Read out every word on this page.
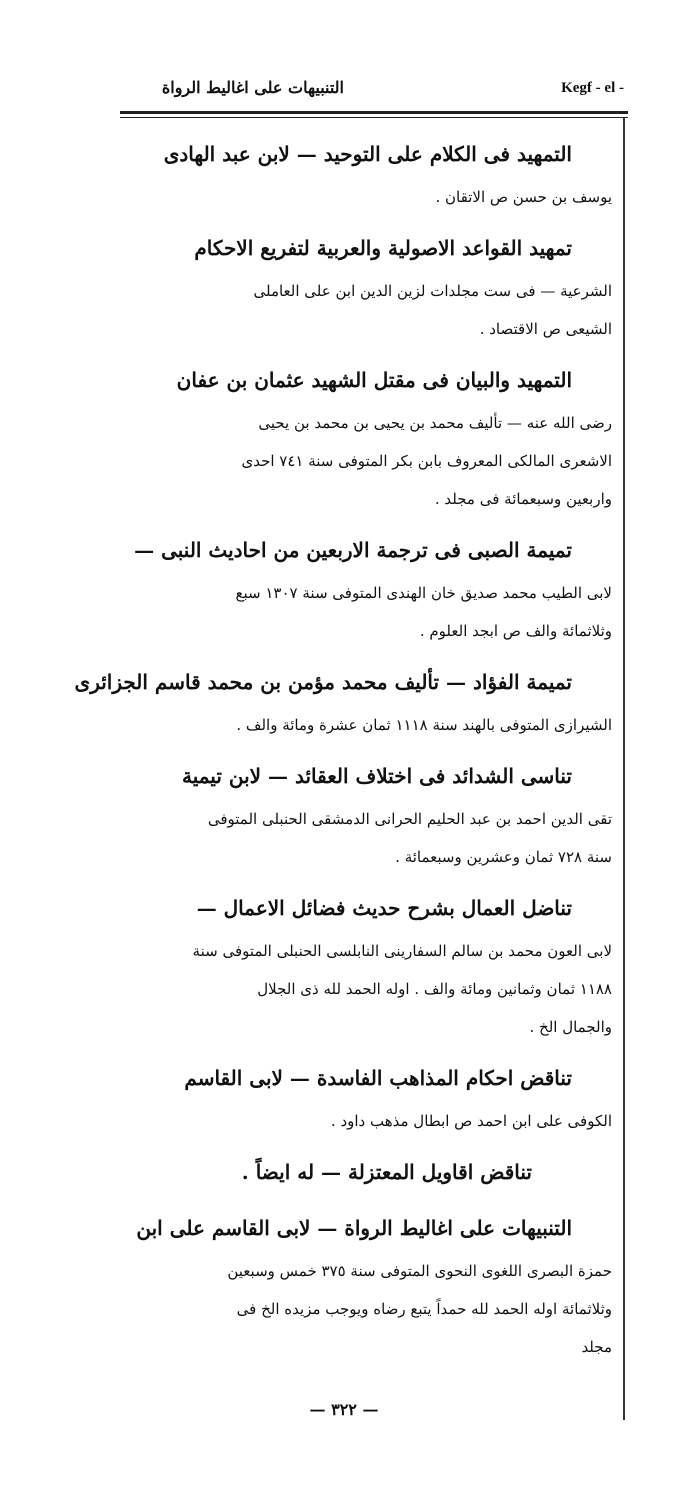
التنبيهات على اغاليط الرواة	Kegf - el -
التمهيد فى الكلام على التوحيد — لابن عبد الهادى
يوسف بن حسن ص الاتقان .
تمهيد القواعد الاصولية والعربية لتفريع الاحكام
الشرعية — فى ست مجلدات لزين الدين ابن على العاملى
الشيعى ص الاقتصاد .
التمهيد والبيان فى مقتل الشهيد عثمان بن عفان
رضى الله عنه — تأليف محمد بن يحيى بن محمد بن يحيى
الاشعرى المالكى المعروف بابن بكر المتوفى سنة ٧٤١ احدى
واربعين وسبعمائة فى مجلد .
تميمة الصبى فى ترجمة الاربعين من احاديث النبى —
لابى الطيب محمد صديق خان الهندى المتوفى سنة ١٣٠٧ سبع
وثلاثمائة والف ص ابجد العلوم .
تميمة الفؤاد — تأليف محمد مؤمن بن محمد قاسم الجزائرى
الشيرازى المتوفى بالهند سنة ١١١٨ ثمان عشرة ومائة والف .
تناسى الشدائد فى اختلاف العقائد — لابن تيمية
تقى الدين احمد بن عبد الحليم الحرانى الدمشقى الحنبلى المتوفى
سنة ٧٢٨ ثمان وعشرين وسبعمائة .
تناضل العمال بشرح حديث فضائل الاعمال —
لابى العون محمد بن سالم السفارينى النابلسى الحنبلى المتوفى سنة
١١٨٨ ثمان وثمانين ومائة والف . اوله الحمد لله ذى الجلال
والجمال الخ .
تناقض احكام المذاهب الفاسدة — لابى القاسم
الكوفى على ابن احمد ص ابطال مذهب داود .
تناقض اقاويل المعتزلة — له ايضاً .
التنبيهات على اغاليط الرواة — لابى القاسم على ابن
حمزة البصرى اللغوى النحوى المتوفى سنة ٣٧٥ خمس وسبعين
وثلاثمائة اوله الحمد لله حمداً يتبع رضاه ويوجب مزيده الخ فى
مجلد
— ٣٢٢ —
